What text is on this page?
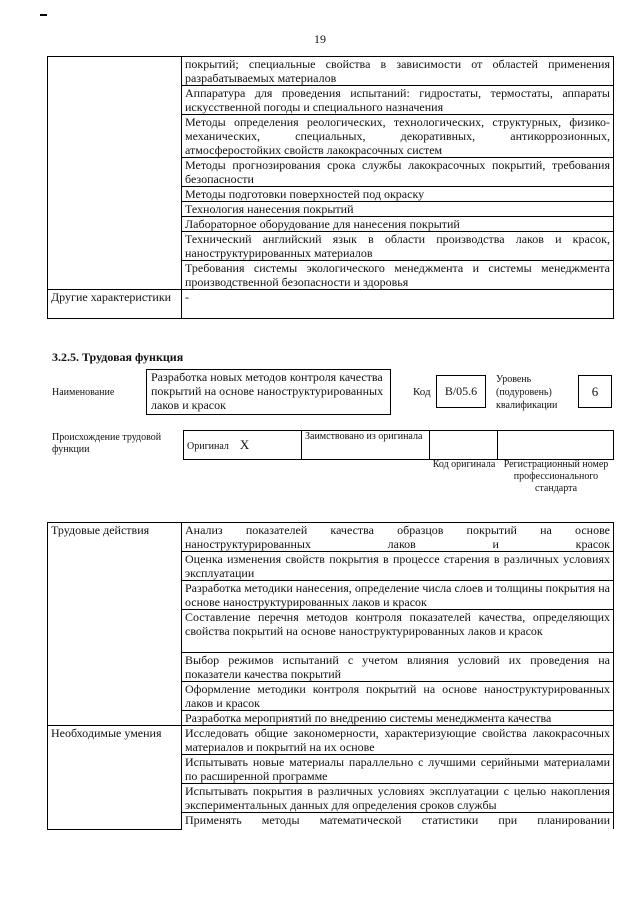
19
	покрытий; специальные свойства в зависимости от областей применения разрабатываемых материалов
	Аппаратура для проведения испытаний: гидростаты, термостаты, аппараты искусственной погоды и специального назначения
	Методы определения реологических, технологических, структурных, физико-механических, специальных, декоративных, антикоррозионных, атмосферостойких свойств лакокрасочных систем
	Методы прогнозирования срока службы лакокрасочных покрытий, требования безопасности
	Методы подготовки поверхностей под окраску
	Технология нанесения покрытий
	Лабораторное оборудование для нанесения покрытий
	Технический английский язык в области производства лаков и красок, наноструктурированных материалов
	Требования системы экологического менеджмента и системы менеджмента производственной безопасности и здоровья
Другие характеристики	-
3.2.5. Трудовая функция
Наименование
Разработка новых методов контроля качества покрытий на основе наноструктурированных лаков и красок
Код	B/05.6
Уровень (подуровень) квалификации
6
Происхождение трудовой функции	Оригинал X	Заимствовано из оригинала		
Код оригинала Регистрационный номер профессионального стандарта
Трудовые действия	Анализ показателей качества образцов покрытий на основе наноструктурированных лаков и красок
	Оценка изменения свойств покрытия в процессе старения в различных условиях эксплуатации
	Разработка методики нанесения, определение числа слоев и толщины покрытия на основе наноструктурированных лаков и красок
	Составление перечня методов контроля показателей качества, определяющих свойства покрытий на основе наноструктурированных лаков и красок
	Выбор режимов испытаний с учетом влияния условий их проведения на показатели качества покрытий
	Оформление методики контроля покрытий на основе наноструктурированных лаков и красок
	Разработка мероприятий по внедрению системы менеджмента качества
Необходимые умения	Исследовать общие закономерности, характеризующие свойства лакокрасочных материалов и покрытий на их основе
	Испытывать новые материалы параллельно с лучшими серийными материалами по расширенной программе
	Испытывать покрытия в различных условиях эксплуатации с целью накопления экспериментальных данных для определения сроков службы
	Применять методы математической статистики при планировании
